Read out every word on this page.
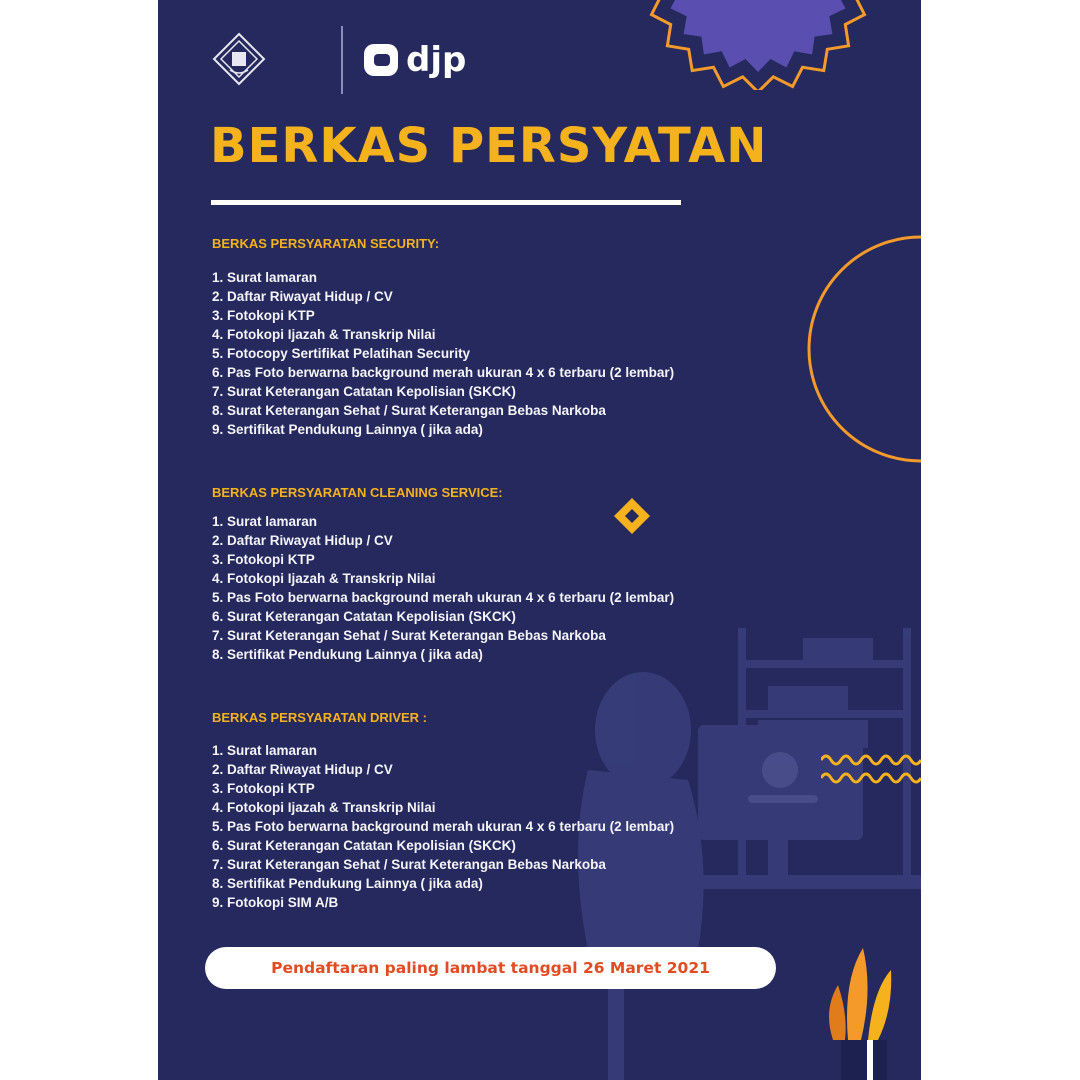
djp
BERKAS PERSYATAN
BERKAS PERSYARATAN SECURITY:
1. Surat lamaran
2. Daftar Riwayat Hidup / CV
3. Fotokopi KTP
4. Fotokopi Ijazah & Transkrip Nilai
5. Fotocopy Sertifikat Pelatihan Security
6. Pas Foto berwarna background merah ukuran 4 x 6 terbaru (2 lembar)
7. Surat Keterangan Catatan Kepolisian (SKCK)
8. Surat Keterangan Sehat / Surat Keterangan Bebas Narkoba
9. Sertifikat Pendukung Lainnya ( jika ada)
BERKAS PERSYARATAN CLEANING SERVICE:
1. Surat lamaran
2. Daftar Riwayat Hidup / CV
3. Fotokopi KTP
4. Fotokopi Ijazah & Transkrip Nilai
5. Pas Foto berwarna background merah ukuran 4 x 6 terbaru (2 lembar)
6. Surat Keterangan Catatan Kepolisian (SKCK)
7. Surat Keterangan Sehat / Surat Keterangan Bebas Narkoba
8. Sertifikat Pendukung Lainnya ( jika ada)
BERKAS PERSYARATAN DRIVER :
1. Surat lamaran
2. Daftar Riwayat Hidup / CV
3. Fotokopi KTP
4. Fotokopi Ijazah & Transkrip Nilai
5. Pas Foto berwarna background merah ukuran 4 x 6 terbaru (2 lembar)
6. Surat Keterangan Catatan Kepolisian (SKCK)
7. Surat Keterangan Sehat / Surat Keterangan Bebas Narkoba
8. Sertifikat Pendukung Lainnya ( jika ada)
9. Fotokopi SIM A/B
Pendaftaran paling lambat tanggal 26 Maret 2021
